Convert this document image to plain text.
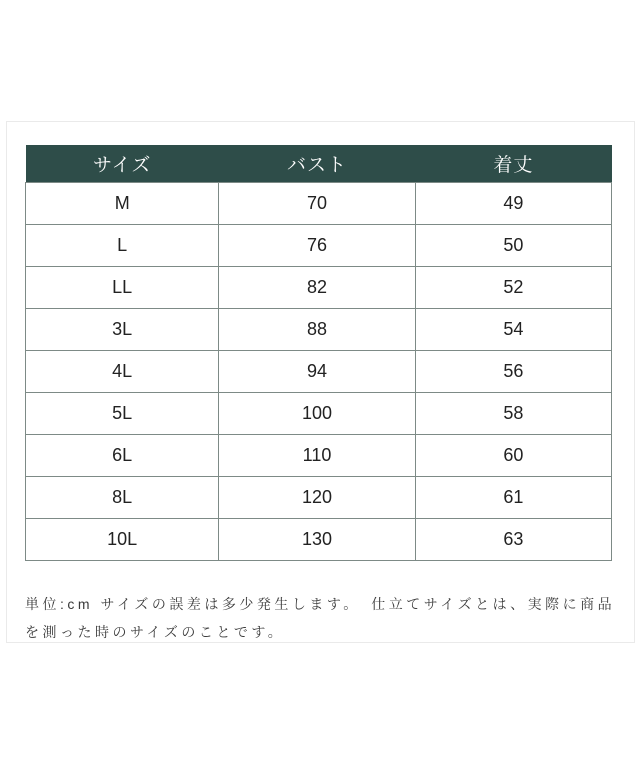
サイズ	バスト	着丈
M	70	49
L	76	50
LL	82	52
3L	88	54
4L	94	56
5L	100	58
6L	110	60
8L	120	61
10L	130	63

単位:cm サイズの誤差は多少発生します。　仕立てサイズとは、実際に商品を測った時のサイズのことです。
